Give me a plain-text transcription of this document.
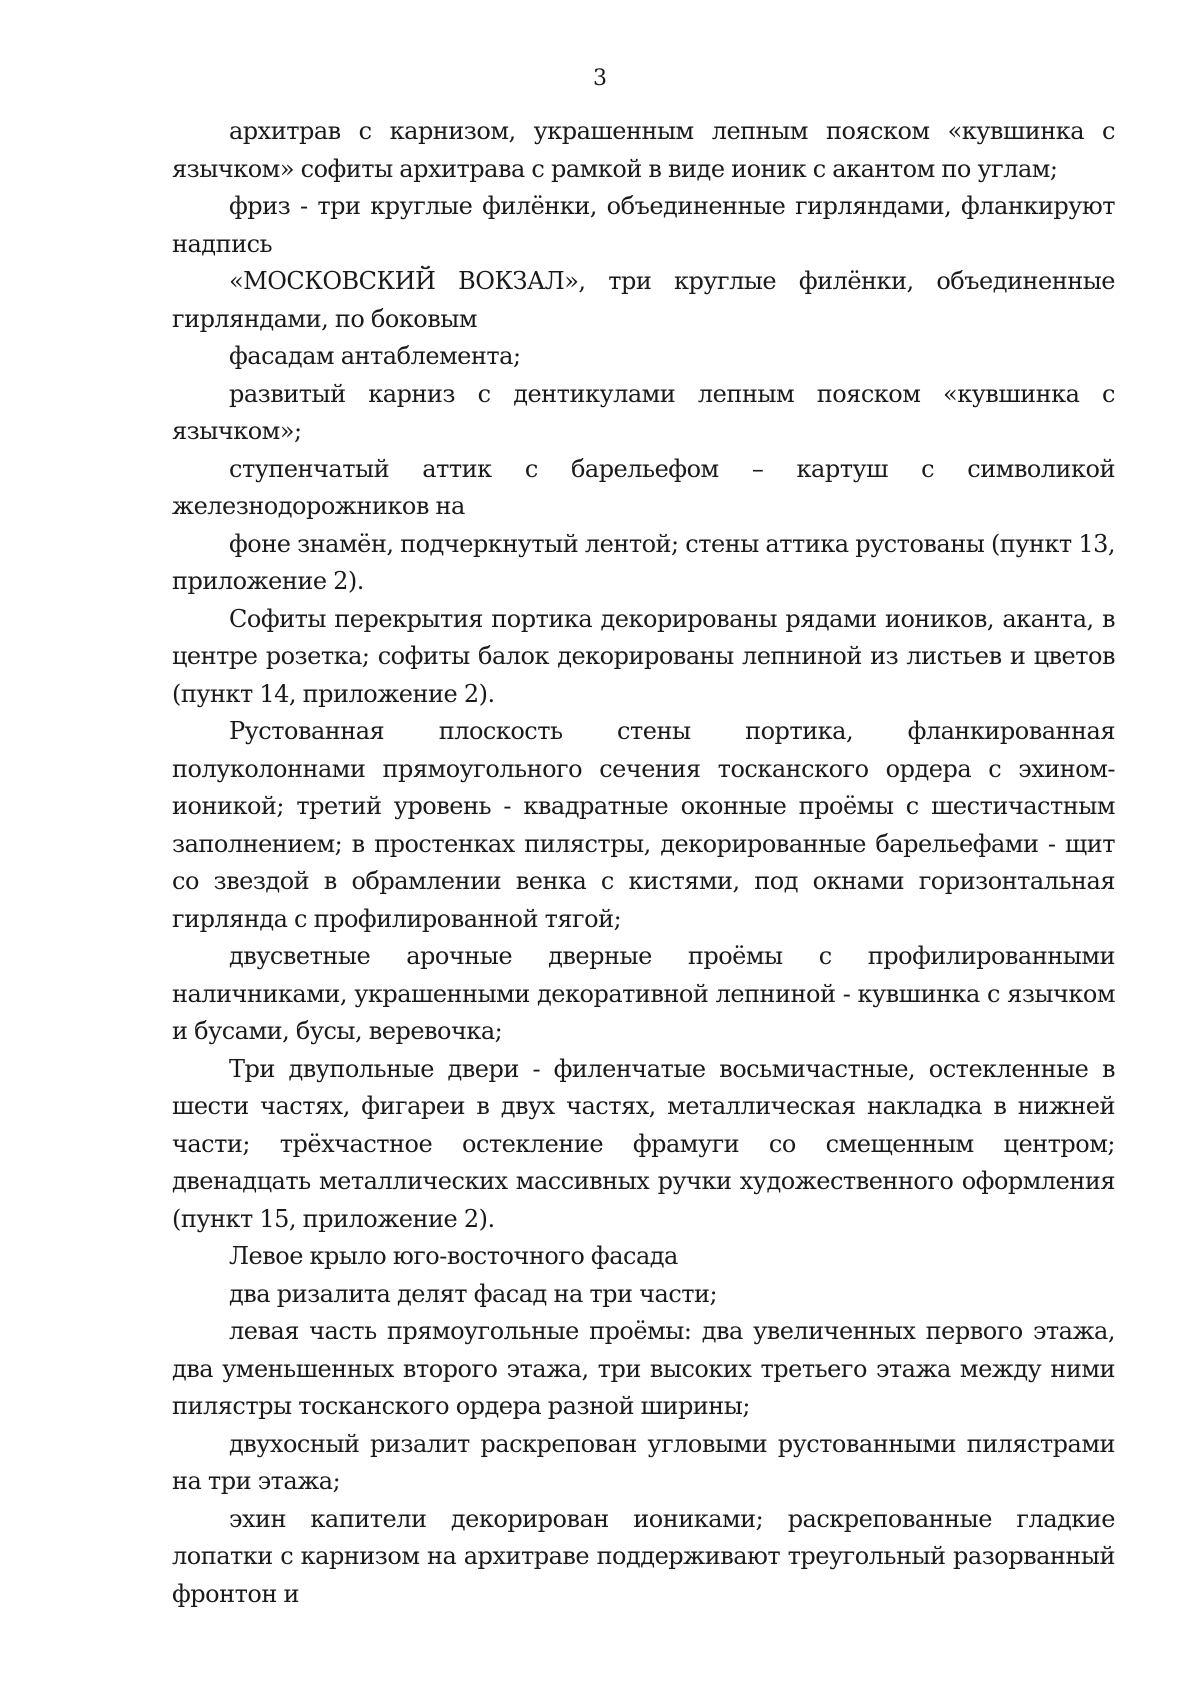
3

архитрав с карнизом, украшенным лепным пояском «кувшинка с язычком» софиты архитрава с рамкой в виде ионик с акантом по углам;

фриз - три круглые филёнки, объединенные гирляндами, фланкируют надпись

«МОСКОВСКИЙ ВОКЗАЛ», три круглые филёнки, объединенные гирляндами, по боковым

фасадам антаблемента;

развитый карниз с дентикулами лепным пояском «кувшинка с язычком»;

ступенчатый аттик с барельефом – картуш с символикой железнодорожников на

фоне знамён, подчеркнутый лентой; стены аттика рустованы (пункт 13, приложение 2).

Софиты перекрытия портика декорированы рядами иоников, аканта, в центре розетка; софиты балок декорированы лепниной из листьев и цветов (пункт 14, приложение 2).

Рустованная плоскость стены портика, фланкированная полуколоннами прямоугольного сечения тосканского ордера с эхином-ионикой; третий уровень - квадратные оконные проёмы с шестичастным заполнением; в простенках пилястры, декорированные барельефами - щит со звездой в обрамлении венка с кистями, под окнами горизонтальная гирлянда с профилированной тягой;

двусветные арочные дверные проёмы с профилированными наличниками, украшенными декоративной лепниной - кувшинка с язычком и бусами, бусы, веревочка;

Три двупольные двери - филенчатые восьмичастные, остекленные в шести частях, фигареи в двух частях, металлическая накладка в нижней части; трёхчастное остекление фрамуги со смещенным центром; двенадцать металлических массивных ручки художественного оформления (пункт 15, приложение 2).

Левое крыло юго-восточного фасада

два ризалита делят фасад на три части;

левая часть прямоугольные проёмы: два увеличенных первого этажа, два уменьшенных второго этажа, три высоких третьего этажа между ними пилястры тосканского ордера разной ширины;

двухосный ризалит раскрепован угловыми рустованными пилястрами на три этажа;

эхин капители декорирован иониками; раскрепованные гладкие лопатки с карнизом на архитраве поддерживают треугольный разорванный фронтон и
